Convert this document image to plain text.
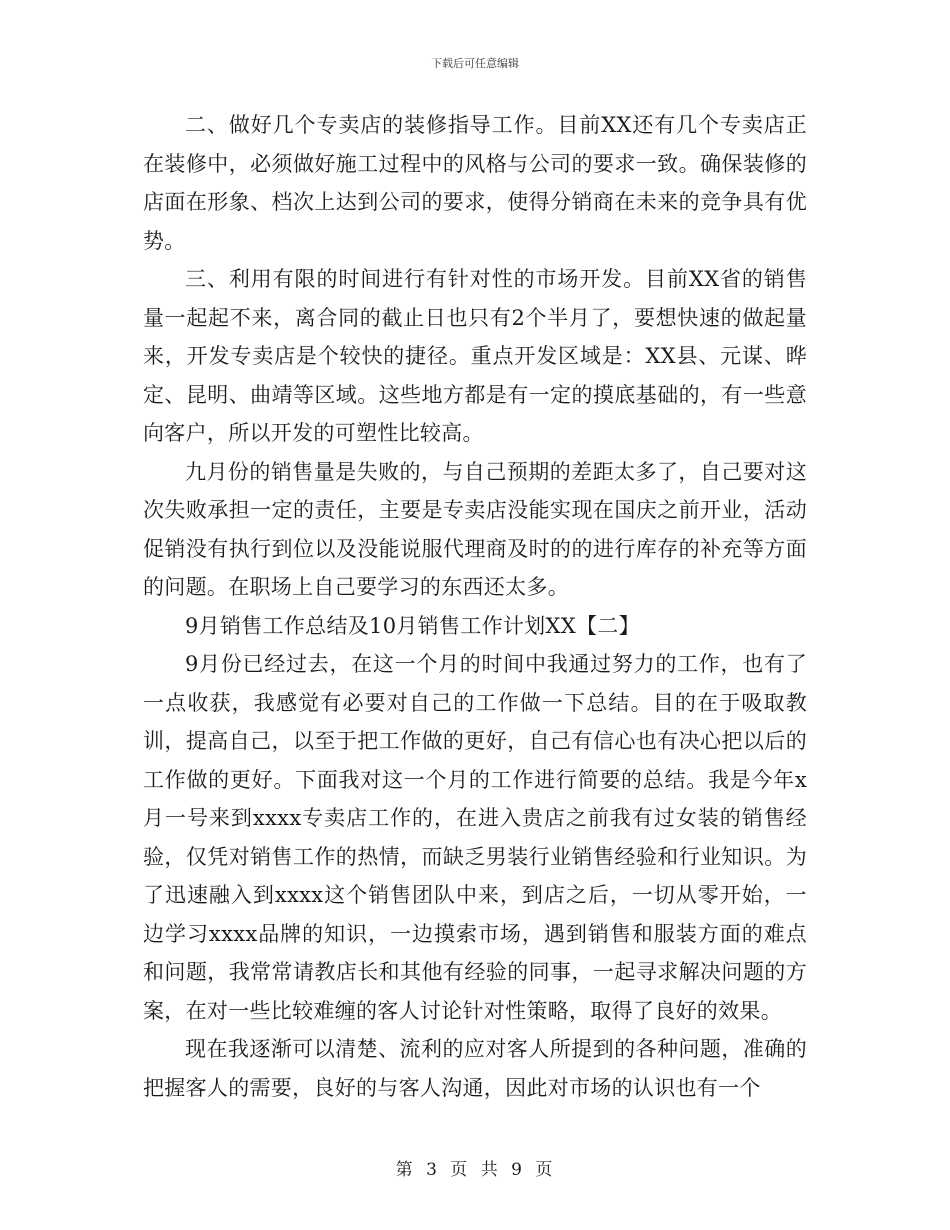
下载后可任意编辑

二、做好几个专卖店的装修指导工作。目前XX还有几个专卖店正在装修中，必须做好施工过程中的风格与公司的要求一致。确保装修的店面在形象、档次上达到公司的要求，使得分销商在未来的竞争具有优势。

三、利用有限的时间进行有针对性的市场开发。目前XX省的销售量一起起不来，离合同的截止日也只有2个半月了，要想快速的做起量来，开发专卖店是个较快的捷径。重点开发区域是：XX县、元谋、晔定、昆明、曲靖等区域。这些地方都是有一定的摸底基础的，有一些意向客户，所以开发的可塑性比较高。

九月份的销售量是失败的，与自己预期的差距太多了，自己要对这次失败承担一定的责任，主要是专卖店没能实现在国庆之前开业，活动促销没有执行到位以及没能说服代理商及时的的进行库存的补充等方面的问题。在职场上自己要学习的东西还太多。

9月销售工作总结及10月销售工作计划XX【二】

9月份已经过去，在这一个月的时间中我通过努力的工作，也有了一点收获，我感觉有必要对自己的工作做一下总结。目的在于吸取教训，提高自己，以至于把工作做的更好，自己有信心也有决心把以后的工作做的更好。下面我对这一个月的工作进行简要的总结。我是今年x月一号来到xxxx专卖店工作的，在进入贵店之前我有过女装的销售经验，仅凭对销售工作的热情，而缺乏男装行业销售经验和行业知识。为了迅速融入到xxxx这个销售团队中来，到店之后，一切从零开始，一边学习xxxx品牌的知识，一边摸索市场，遇到销售和服装方面的难点和问题，我常常请教店长和其他有经验的同事，一起寻求解决问题的方案，在对一些比较难缠的客人讨论针对性策略，取得了良好的效果。

现在我逐渐可以清楚、流利的应对客人所提到的各种问题，准确的把握客人的需要，良好的与客人沟通，因此对市场的认识也有一个

第 3 页 共 9 页
